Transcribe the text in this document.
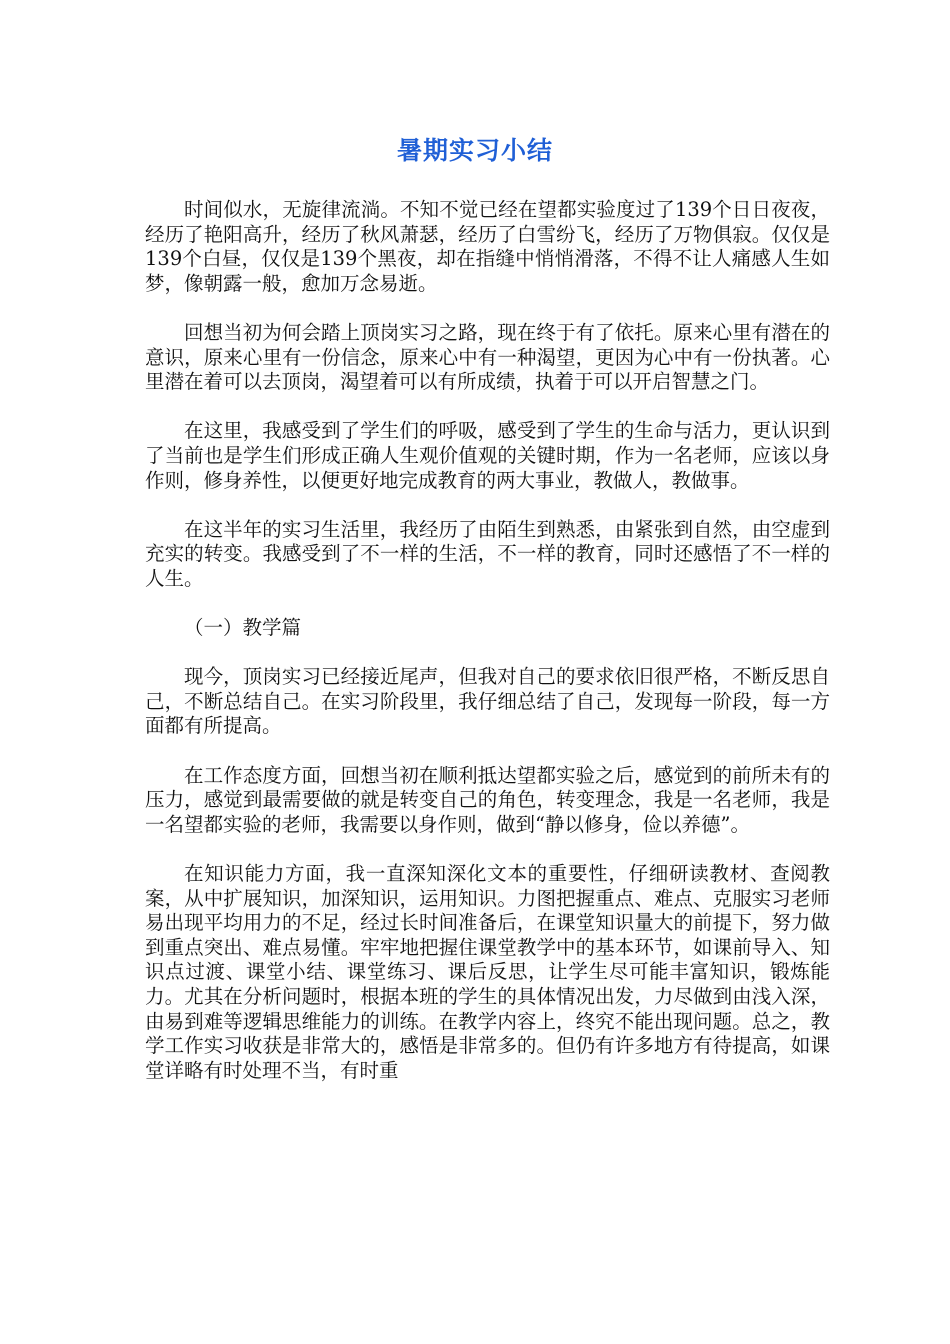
暑期实习小结

时间似水，无旋律流淌。不知不觉已经在望都实验度过了139个日日夜夜，经历了艳阳高升，经历了秋风萧瑟，经历了白雪纷飞，经历了万物俱寂。仅仅是139个白昼，仅仅是139个黑夜，却在指缝中悄悄滑落，不得不让人痛感人生如梦，像朝露一般，愈加万念易逝。

回想当初为何会踏上顶岗实习之路，现在终于有了依托。原来心里有潜在的意识，原来心里有一份信念，原来心中有一种渴望，更因为心中有一份执著。心里潜在着可以去顶岗，渴望着可以有所成绩，执着于可以开启智慧之门。

在这里，我感受到了学生们的呼吸，感受到了学生的生命与活力，更认识到了当前也是学生们形成正确人生观价值观的关键时期，作为一名老师，应该以身作则，修身养性，以便更好地完成教育的两大事业，教做人，教做事。

在这半年的实习生活里，我经历了由陌生到熟悉，由紧张到自然，由空虚到充实的转变。我感受到了不一样的生活，不一样的教育，同时还感悟了不一样的人生。

（一）教学篇

现今，顶岗实习已经接近尾声，但我对自己的要求依旧很严格，不断反思自己，不断总结自己。在实习阶段里，我仔细总结了自己，发现每一阶段，每一方面都有所提高。

在工作态度方面，回想当初在顺利抵达望都实验之后，感觉到的前所未有的压力，感觉到最需要做的就是转变自己的角色，转变理念，我是一名老师，我是一名望都实验的老师，我需要以身作则，做到“静以修身，俭以养德”。

在知识能力方面，我一直深知深化文本的重要性，仔细研读教材、查阅教案，从中扩展知识，加深知识，运用知识。力图把握重点、难点、克服实习老师易出现平均用力的不足，经过长时间准备后，在课堂知识量大的前提下，努力做到重点突出、难点易懂。牢牢地把握住课堂教学中的基本环节，如课前导入、知识点过渡、课堂小结、课堂练习、课后反思，让学生尽可能丰富知识，锻炼能力。尤其在分析问题时，根据本班的学生的具体情况出发，力尽做到由浅入深，由易到难等逻辑思维能力的训练。在教学内容上，终究不能出现问题。总之，教学工作实习收获是非常大的，感悟是非常多的。但仍有许多地方有待提高，如课堂详略有时处理不当，有时重
